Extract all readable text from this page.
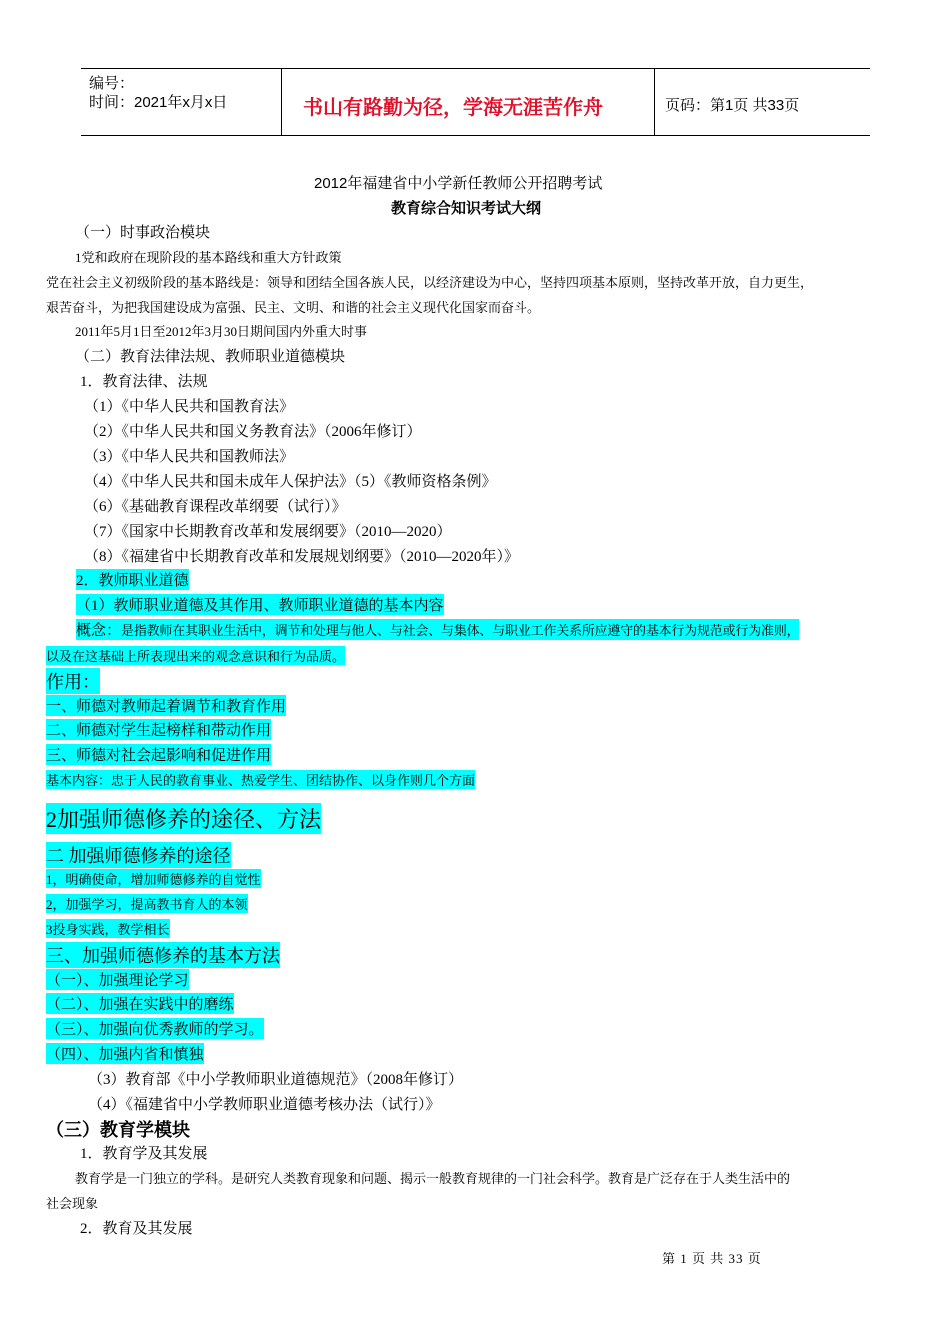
编号：
时间：2021年x月x日	书山有路勤为径，学海无涯苦作舟	页码：第1页 共33页
2012年福建省中小学新任教师公开招聘考试
教育综合知识考试大纲
（一）时事政治模块
1党和政府在现阶段的基本路线和重大方针政策
党在社会主义初级阶段的基本路线是：领导和团结全国各族人民，以经济建设为中心，坚持四项基本原则，坚持改革开放，自力更生，
艰苦奋斗，为把我国建设成为富强、民主、文明、和谐的社会主义现代化国家而奋斗。
2011年5月1日至2012年3月30日期间国内外重大时事
（二）教育法律法规、教师职业道德模块
1．教育法律、法规
（1）《中华人民共和国教育法》
（2）《中华人民共和国义务教育法》（2006年修订）
（3）《中华人民共和国教师法》
（4）《中华人民共和国未成年人保护法》（5）《教师资格条例》
（6）《基础教育课程改革纲要（试行）》
（7）《国家中长期教育改革和发展纲要》（2010—2020）
（8）《福建省中长期教育改革和发展规划纲要》（2010—2020年）》
2．教师职业道德
（1）教师职业道德及其作用、教师职业道德的基本内容
概念：是指教师在其职业生活中，调节和处理与他人、与社会、与集体、与职业工作关系所应遵守的基本行为规范或行为准则，
以及在这基础上所表现出来的观念意识和行为品质。
作用：
一、师德对教师起着调节和教育作用
二、师德对学生起榜样和带动作用
三、师德对社会起影响和促进作用
基本内容：忠于人民的教育事业、热爱学生、团结协作、以身作则几个方面
2加强师德修养的途径、方法
二 加强师德修养的途径
1，明确使命，增加师德修养的自觉性
2，加强学习，提高教书育人的本领
3投身实践，教学相长
三、加强师德修养的基本方法
（一）、加强理论学习
（二）、加强在实践中的磨练
（三）、加强向优秀教师的学习。
（四）、加强内省和慎独
（3）教育部《中小学教师职业道德规范》（2008年修订）
（4）《福建省中小学教师职业道德考核办法（试行）》
（三）教育学模块
1．教育学及其发展
教育学是一门独立的学科。是研究人类教育现象和问题、揭示一般教育规律的一门社会科学。教育是广泛存在于人类生活中的
社会现象
2．教育及其发展
第 1 页 共 33 页
